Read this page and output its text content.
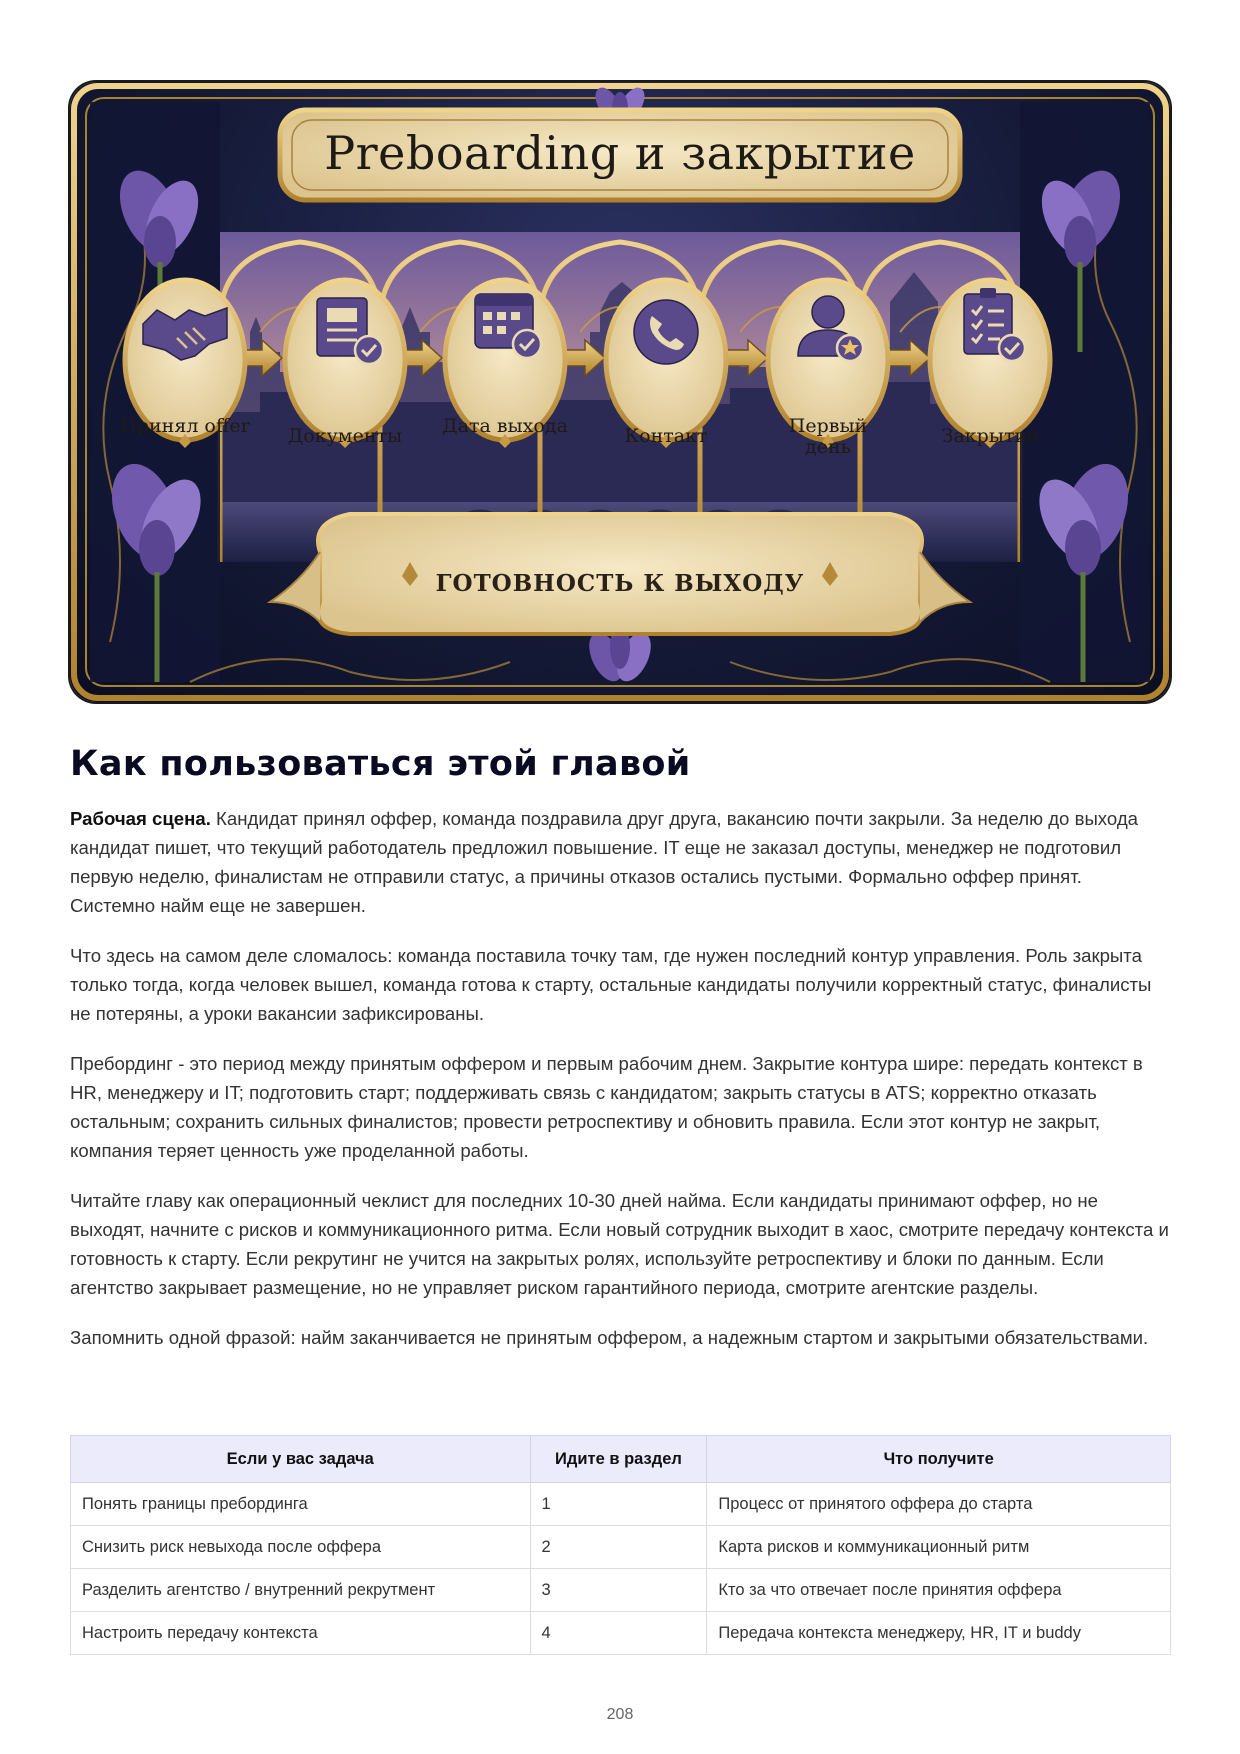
Preboarding и закрытие
Принял offer	Документы	Дата выхода	Контакт	Первый день	Закрытие
ГОТОВНОСТЬ К ВЫХОДУ
Как пользоваться этой главой

Рабочая сцена. Кандидат принял оффер, команда поздравила друг друга, вакансию почти закрыли. За неделю до выхода кандидат пишет, что текущий работодатель предложил повышение. IT еще не заказал доступы, менеджер не подготовил первую неделю, финалистам не отправили статус, а причины отказов остались пустыми. Формально оффер принят. Системно найм еще не завершен.

Что здесь на самом деле сломалось: команда поставила точку там, где нужен последний контур управления. Роль закрыта только тогда, когда человек вышел, команда готова к старту, остальные кандидаты получили корректный статус, финалисты не потеряны, а уроки вакансии зафиксированы.

Пребординг - это период между принятым оффером и первым рабочим днем. Закрытие контура шире: передать контекст в HR, менеджеру и IT; подготовить старт; поддерживать связь с кандидатом; закрыть статусы в ATS; корректно отказать остальным; сохранить сильных финалистов; провести ретроспективу и обновить правила. Если этот контур не закрыт, компания теряет ценность уже проделанной работы.

Читайте главу как операционный чеклист для последних 10-30 дней найма. Если кандидаты принимают оффер, но не выходят, начните с рисков и коммуникационного ритма. Если новый сотрудник выходит в хаос, смотрите передачу контекста и готовность к старту. Если рекрутинг не учится на закрытых ролях, используйте ретроспективу и блоки по данным. Если агентство закрывает размещение, но не управляет риском гарантийного периода, смотрите агентские разделы.

Запомнить одной фразой: найм заканчивается не принятым оффером, а надежным стартом и закрытыми обязательствами.

Если у вас задача	Идите в раздел	Что получите
Понять границы пребординга	1	Процесс от принятого оффера до старта
Снизить риск невыхода после оффера	2	Карта рисков и коммуникационный ритм
Разделить агентство / внутренний рекрутмент	3	Кто за что отвечает после принятия оффера
Настроить передачу контекста	4	Передача контекста менеджеру, HR, IT и buddy
208
